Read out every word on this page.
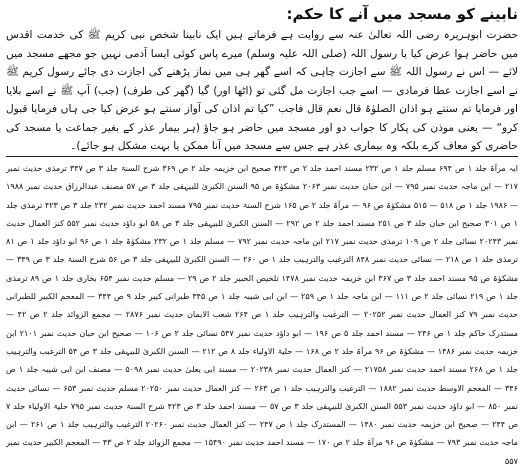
نابینے کو مسجد میں آنے کا حکم:

حضرت ابوہریرہ رضی اللہ تعالیٰ عنہ سے روایت ہے فرماتے ہیں ایک نابینا شخص نبی کریم ﷺ کی خدمت اقدس میں حاضر ہوا عرض کیا یا رسول اللہ (صلی اللہ علیہ وسلم) میرے پاس کوئی ایسا آدمی نہیں جو مجھے مسجد میں لائے — اس نے رسول اللہ ﷺ سے اجازت چاہی کہ اسے گھر ہی میں نماز پڑھنے کی اجازت دی جائے رسول کریم ﷺ نے اسے اجازت عطا فرمادی — اسے جب اجازت مل گئی تو (اٹھا اور) گیا (گھر کی طرف) (جب) آپ ﷺ نے اسے بلایا اور فرمایا تم سنتے ہو اذان الصلوٰۃ قال نعم قال فاجب ”کیا تم اذان کی آواز سنتے ہو عرض کیا جی ہاں فرمایا قبول کرو“ — یعنی موذن کی پکار کا جواب دو اور مسجد میں حاضر ہو جاؤ (ہر بیمار عذر کے بغیر جماعت یا مسجد کی حاضری کو معاف کرے بلکہ وہ بیماری عذر ہے جس سے مسجد میں آنا ممکن یا بہت مشکل ہو جائے)۔

ایہ مرآۃ جلد ۱ ص ۶۹۴ مسلم جلد ۱ ص ۲۳۲ مسند احمد جلد ۲ ص ۴۲۳ صحیح ابن خزیمہ جلد ۲ ص ۳۶۹ شرح السنۃ جلد ۳ ص ۳۴۷ ترمذی حدیث نمبر ۲۱۷ — ابن ماجہ حدیث نمبر ۷۹۵ — ابن حبان حدیث نمبر ۲۰۶۳ مشکوٰۃ ص ۹۵ السنن الکبریٰ للبیہقی جلد ۳ ص ۵۷ مصنف عبدالرزاق حدیث نمبر ۱۹۸۸ — ۱۹۸۶ جلد ۱ ص ۵۱۸ — ۵۱۵ مشکوٰۃ ص ۹۶ — مرآۃ جلد ۲ ص ۱۶۵ شرح السنۃ حدیث نمبر ۷۹۵ مسند احمد حدیث نمبر ۲۳۲ جلد ۳ ص ۴۲۳ ترمذی جلد ۱ ص ۳۰۱ صحیح ابن حبان جلد ۳ ص ۲۵۱ مسند احمد جلد ۲ ص ۲۹۲ — السنن الکبریٰ للبیہقی جلد ۳ ص ۵۸ ابو داؤد حدیث نمبر ۵۵۲ کنز العمال حدیث نمبر ۲۰۲۴۳ نسائی جلد ۲ ص ۱۰۹ ترمذی حدیث نمبر ۲۱۷ ابن ماجہ حدیث نمبر ۷۹۲ — مسلم جلد ۱ ص ۲۳۲ مشکوٰۃ جلد ۱ ص ۹۶ ابو داؤد جلد ۱ ص ۸۱ ترمذی جلد ۱ ص ۲۱۸ — نسائی حدیث نمبر ۸۴۸ الترغیب والترہیب جلد ۱ ص ۲۶۰ — السنن الکبریٰ للبیہقی جلد ۳ ص ۵۶ شرح السنۃ جلد ۳ ص ۳۴۹ — مشکوٰۃ ص ۹۵ مسند احمد جلد ۳ ص ۳۶۷ ابن خزیمہ حدیث نمبر ۱۴۷۸ تلخیص الحبیر جلد ۲ ص ۲۹ — مسلم حدیث نمبر ۶۵۴ بخاری جلد ۱ ص ۸۹ ترمذی جلد ۱ ص ۲۱۹ نسائی جلد ۲ ص ۱۱۱ — ابن ماجہ جلد ۱ ص ۲۵۹ — ابن ابی شیبہ جلد ۱ ص ۳۴۵ طبرانی کبیر جلد ۹ ص ۳۴۴ — المعجم الکبیر للطبرانی حدیث نمبر ۷۹ کنز العمال حدیث نمبر ۲۰۲۵۲ — الترغیب والترہیب جلد ۱ ص ۲۶۴ شعب الایمان حدیث نمبر ۲۸۷۶ — مجمع الزوائد جلد ۲ ص ۴۲ — مستدرک حاکم جلد ۱ ص ۲۴۶ — مسند احمد جلد ۵ ص ۱۹۶ — ابو داؤد حدیث نمبر ۵۴۷ نسائی جلد ۲ ص ۱۰۶ — صحیح ابن حبان حدیث نمبر ۲۱۰۱ ابن خزیمہ حدیث نمبر ۱۴۸۶ — مشکوٰۃ ص ۹۶ مرآۃ جلد ۲ ص ۱۶۸ — حلیۃ الاولیاء جلد ۸ ص ۲۱۲ — السنن الکبریٰ للبیہقی جلد ۳ ص ۵۴ الترغیب والترہیب جلد ۱ ص ۲۶۸ مسند احمد حدیث نمبر ۲۱۷۵۸ — کنز العمال حدیث نمبر ۲۰۲۳۸ — مسند ابی یعلیٰ حدیث نمبر ۵۰۹۸ — مصنف ابن ابی شیبہ جلد ۱ ص ۳۴۶ — المعجم الاوسط حدیث نمبر ۱۸۸۲ — الترغیب والترہیب جلد ۱ ص ۲۶۳ — کنز العمال حدیث نمبر ۲۰۲۵۰ مسلم حدیث نمبر ۶۵۳ — نسائی حدیث نمبر ۸۵۰ — ابو داؤد حدیث نمبر ۵۵۳ السنن الکبریٰ للبیہقی جلد ۳ ص ۵۷ — مسند احمد جلد ۳ ص ۴۲۳ شرح السنۃ حدیث نمبر ۷۹۵ حلیۃ الاولیاء جلد ۷ ص ۲۴۴ — صحیح ابن خزیمہ حدیث نمبر ۱۴۸۰ — المستدرک جلد ۱ ص ۲۴۷ — کنز العمال حدیث نمبر ۲۰۲۶۰ الترغیب والترہیب جلد ۱ ص ۲۶۱ — ابن ماجہ حدیث نمبر ۷۹۳ — مشکوٰۃ ص ۹۶ مرآۃ جلد ۲ ص ۱۷۰ — مسند احمد حدیث نمبر ۱۵۴۹۰ — مجمع الزوائد جلد ۲ ص ۴۳ — المعجم الکبیر حدیث نمبر ۵۵۷
